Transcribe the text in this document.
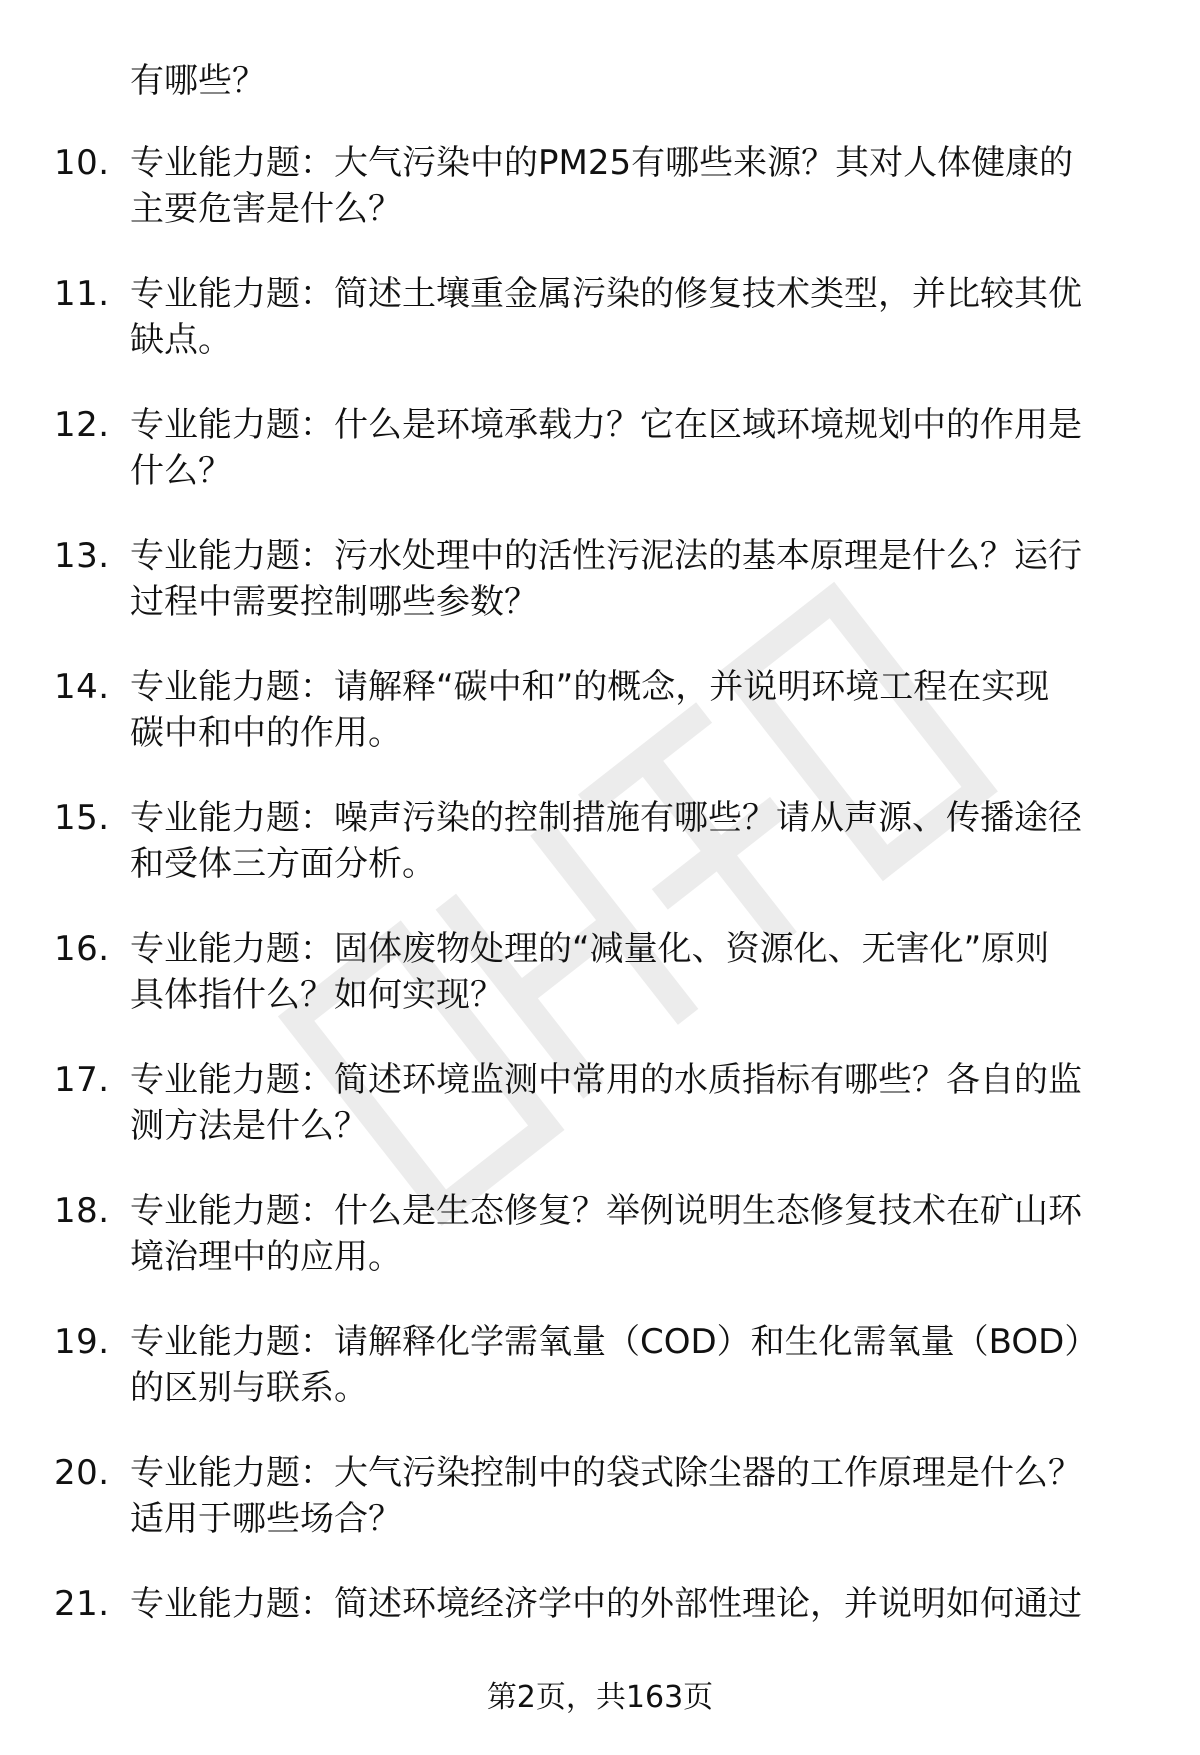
有哪些？
10. 专业能力题：大气污染中的PM25有哪些来源？其对人体健康的
主要危害是什么？
11. 专业能力题：简述土壤重金属污染的修复技术类型，并比较其优
缺点。
12. 专业能力题：什么是环境承载力？它在区域环境规划中的作用是
什么？
13. 专业能力题：污水处理中的活性污泥法的基本原理是什么？运行
过程中需要控制哪些参数？
14. 专业能力题：请解释“碳中和”的概念，并说明环境工程在实现
碳中和中的作用。
15. 专业能力题：噪声污染的控制措施有哪些？请从声源、传播途径
和受体三方面分析。
16. 专业能力题：固体废物处理的“减量化、资源化、无害化”原则
具体指什么？如何实现？
17. 专业能力题：简述环境监测中常用的水质指标有哪些？各自的监
测方法是什么？
18. 专业能力题：什么是生态修复？举例说明生态修复技术在矿山环
境治理中的应用。
19. 专业能力题：请解释化学需氧量（COD）和生化需氧量（BOD）
的区别与联系。
20. 专业能力题：大气污染控制中的袋式除尘器的工作原理是什么？
适用于哪些场合？
21. 专业能力题：简述环境经济学中的外部性理论，并说明如何通过
第2页，共163页
